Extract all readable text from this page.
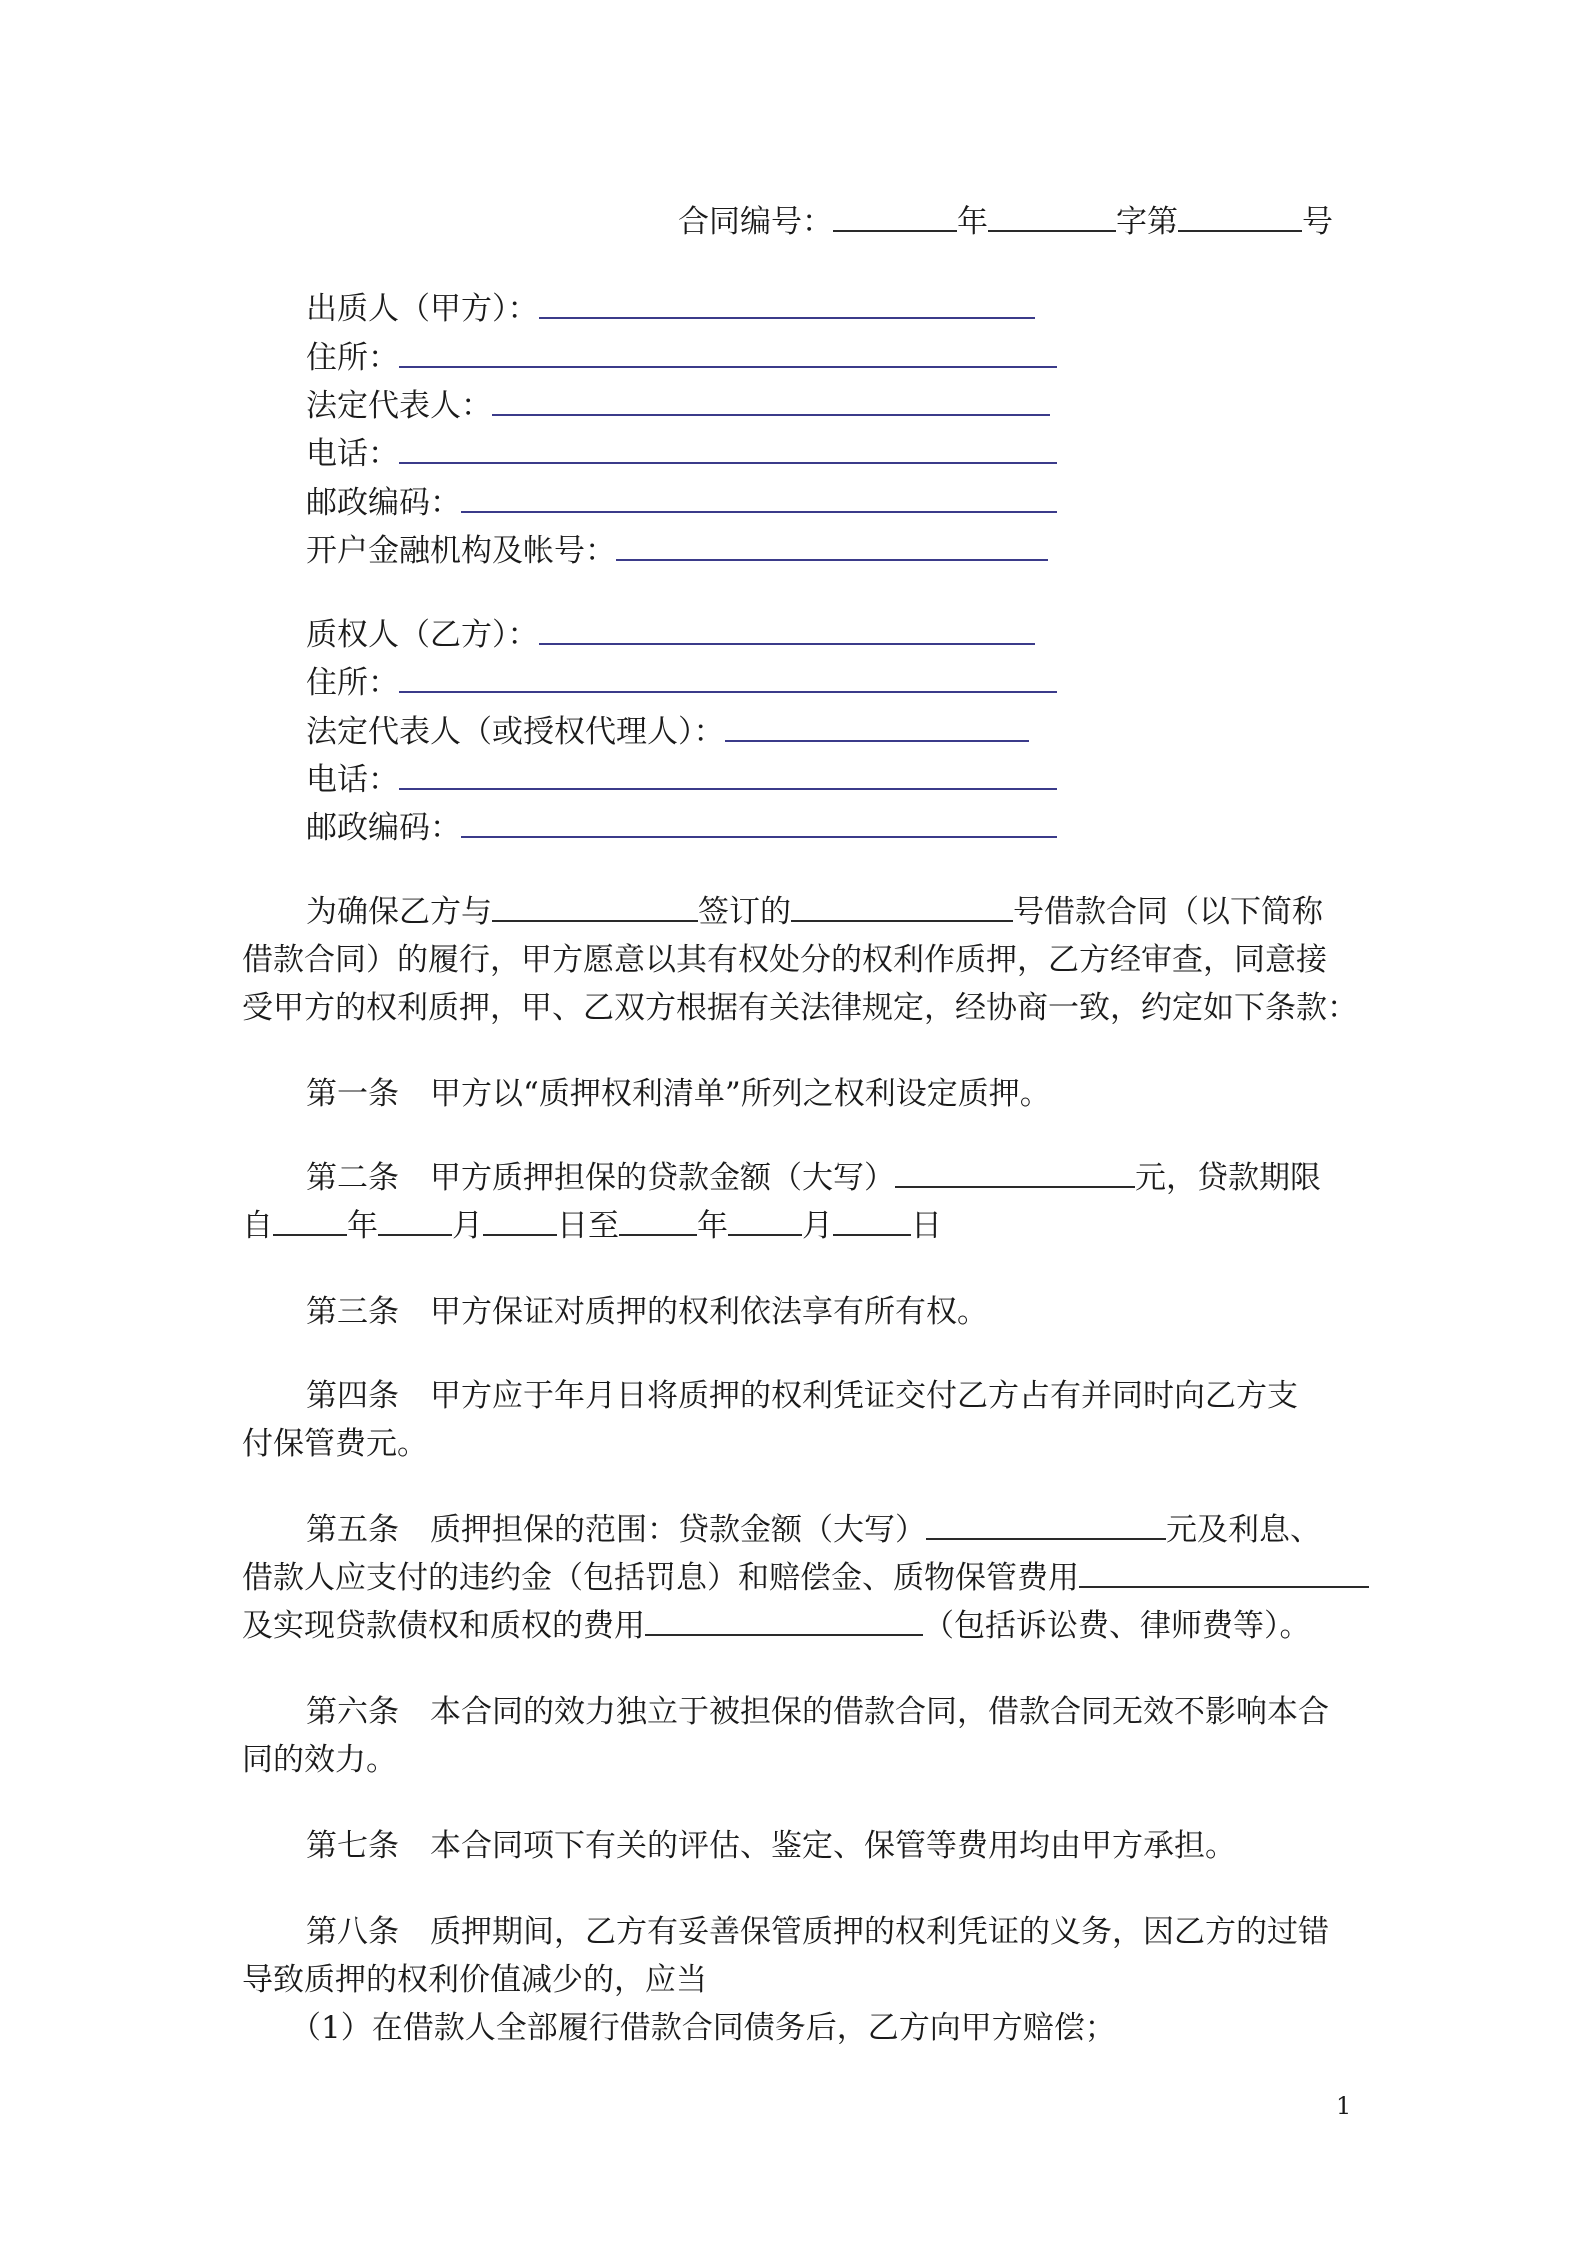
合同编号：	年	字第	号
出质人（甲方）：
住所：
法定代表人：
电话：
邮政编码：
开户金融机构及帐号：
质权人（乙方）：
住所：
法定代表人（或授权代理人）：
电话：
邮政编码：
为确保乙方与	签订的	号借款合同（以下简称
借款合同）的履行，甲方愿意以其有权处分的权利作质押，乙方经审查，同意接
受甲方的权利质押，甲、乙双方根据有关法律规定，经协商一致，约定如下条款：
第一条　甲方以“质押权利清单”所列之权利设定质押。
第二条　甲方质押担保的贷款金额（大写）	元，贷款期限
自 年 月 日至	年 月	日
第三条　甲方保证对质押的权利依法享有所有权。
第四条　甲方应于年月日将质押的权利凭证交付乙方占有并同时向乙方支
付保管费元。
第五条　质押担保的范围：贷款金额（大写）	元及利息、
借款人应支付的违约金（包括罚息）和赔偿金、质物保管费用
及实现贷款债权和质权的费用	（包括诉讼费、律师费等）。
第六条　本合同的效力独立于被担保的借款合同，借款合同无效不影响本合
同的效力。
第七条　本合同项下有关的评估、鉴定、保管等费用均由甲方承担。
第八条　质押期间，乙方有妥善保管质押的权利凭证的义务，因乙方的过错
导致质押的权利价值减少的，应当
（1）在借款人全部履行借款合同债务后，乙方向甲方赔偿；
1
